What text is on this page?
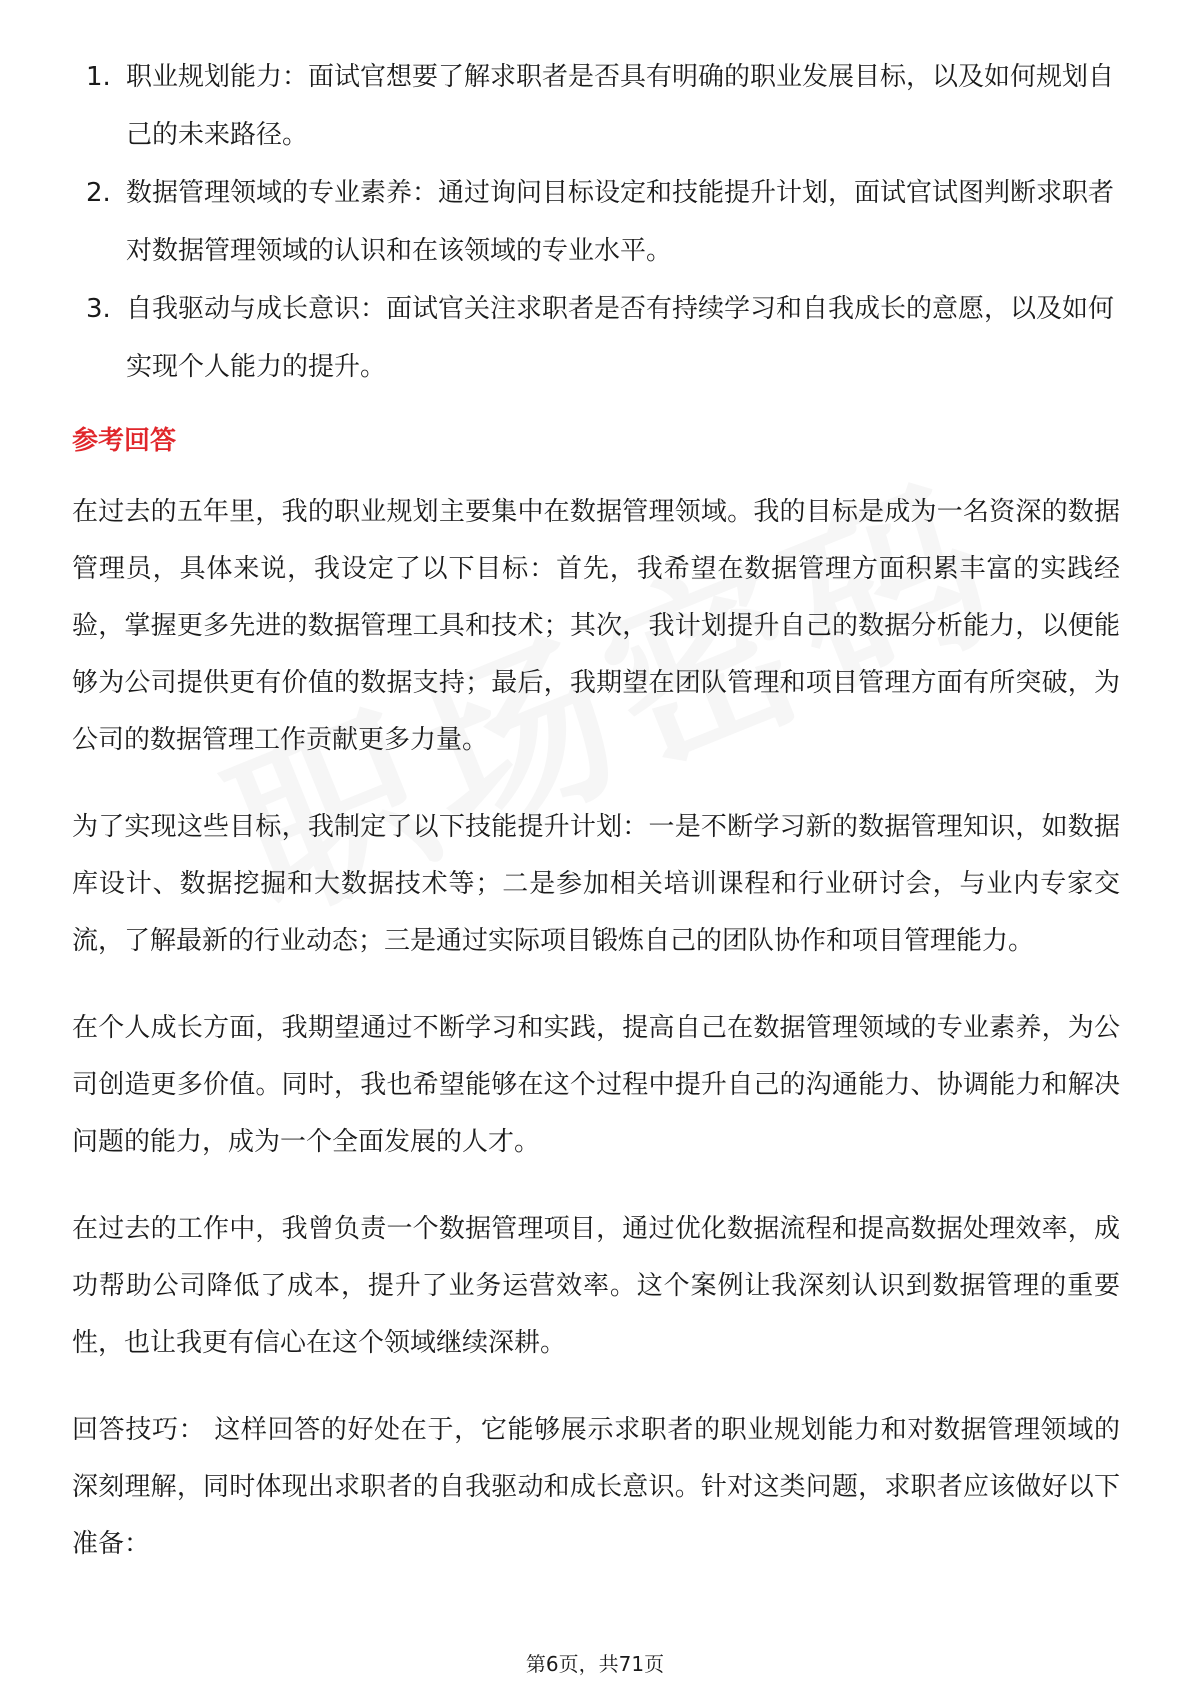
1. 职业规划能力：面试官想要了解求职者是否具有明确的职业发展目标，以及如何规划自己的未来路径。
2. 数据管理领域的专业素养：通过询问目标设定和技能提升计划，面试官试图判断求职者对数据管理领域的认识和在该领域的专业水平。
3. 自我驱动与成长意识：面试官关注求职者是否有持续学习和自我成长的意愿，以及如何实现个人能力的提升。
参考回答

在过去的五年里，我的职业规划主要集中在数据管理领域。我的目标是成为一名资深的数据管理员，具体来说，我设定了以下目标：首先，我希望在数据管理方面积累丰富的实践经验，掌握更多先进的数据管理工具和技术；其次，我计划提升自己的数据分析能力，以便能够为公司提供更有价值的数据支持；最后，我期望在团队管理和项目管理方面有所突破，为公司的数据管理工作贡献更多力量。

为了实现这些目标，我制定了以下技能提升计划：一是不断学习新的数据管理知识，如数据库设计、数据挖掘和大数据技术等；二是参加相关培训课程和行业研讨会，与业内专家交流，了解最新的行业动态；三是通过实际项目锻炼自己的团队协作和项目管理能力。

在个人成长方面，我期望通过不断学习和实践，提高自己在数据管理领域的专业素养，为公司创造更多价值。同时，我也希望能够在这个过程中提升自己的沟通能力、协调能力和解决问题的能力，成为一个全面发展的人才。

在过去的工作中，我曾负责一个数据管理项目，通过优化数据流程和提高数据处理效率，成功帮助公司降低了成本，提升了业务运营效率。这个案例让我深刻认识到数据管理的重要性，也让我更有信心在这个领域继续深耕。

回答技巧： 这样回答的好处在于，它能够展示求职者的职业规划能力和对数据管理领域的深刻理解，同时体现出求职者的自我驱动和成长意识。针对这类问题，求职者应该做好以下准备：

第6页，共71页
